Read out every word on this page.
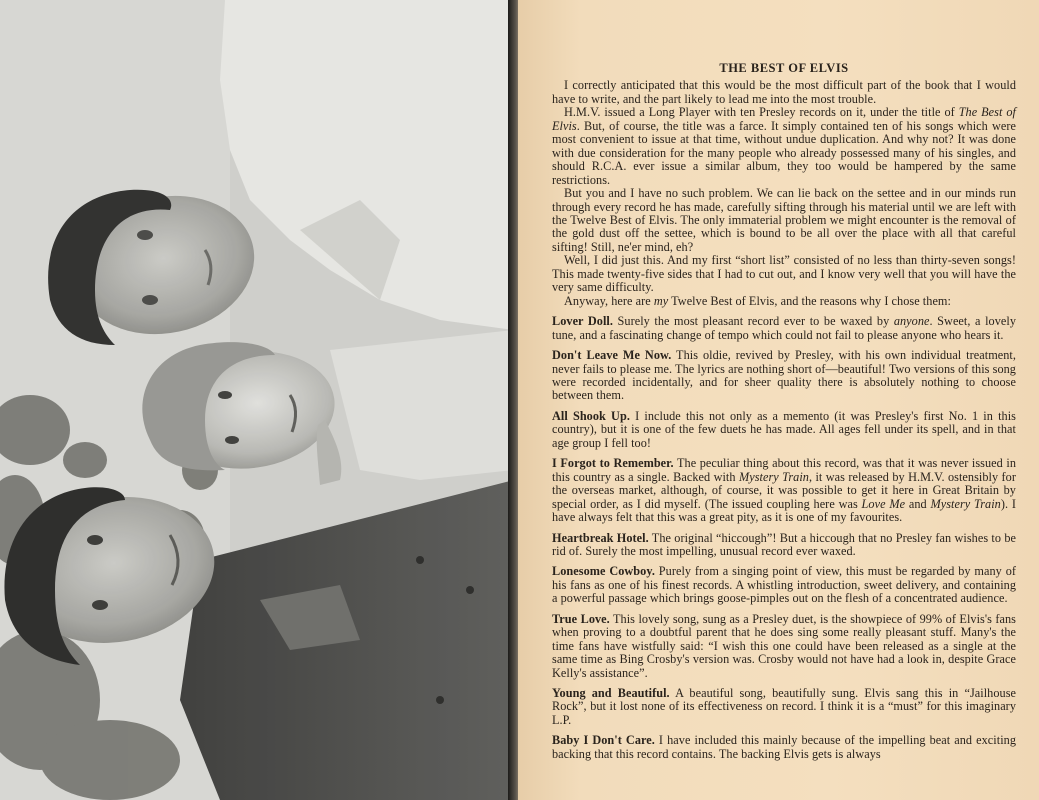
THE BEST OF ELVIS

I correctly anticipated that this would be the most difficult part of the book that I would have to write, and the part likely to lead me into the most trouble.

H.M.V. issued a Long Player with ten Presley records on it, under the title of The Best of Elvis. But, of course, the title was a farce. It simply contained ten of his songs which were most convenient to issue at that time, without undue duplication. And why not? It was done with due consideration for the many people who already possessed many of his singles, and should R.C.A. ever issue a similar album, they too would be hampered by the same restrictions.

But you and I have no such problem. We can lie back on the settee and in our minds run through every record he has made, carefully sifting through his material until we are left with the Twelve Best of Elvis. The only immaterial problem we might encounter is the removal of the gold dust off the settee, which is bound to be all over the place with all that careful sifting! Still, ne'er mind, eh?

Well, I did just this. And my first “short list” consisted of no less than thirty-seven songs! This made twenty-five sides that I had to cut out, and I know very well that you will have the very same difficulty.

Anyway, here are my Twelve Best of Elvis, and the reasons why I chose them:

Lover Doll. Surely the most pleasant record ever to be waxed by anyone. Sweet, a lovely tune, and a fascinating change of tempo which could not fail to please anyone who hears it.

Don't Leave Me Now. This oldie, revived by Presley, with his own individual treatment, never fails to please me. The lyrics are nothing short of—beautiful! Two versions of this song were recorded incidentally, and for sheer quality there is absolutely nothing to choose between them.

All Shook Up. I include this not only as a memento (it was Presley's first No. 1 in this country), but it is one of the few duets he has made. All ages fell under its spell, and in that age group I fell too!

I Forgot to Remember. The peculiar thing about this record, was that it was never issued in this country as a single. Backed with Mystery Train, it was released by H.M.V. ostensibly for the overseas market, although, of course, it was possible to get it here in Great Britain by special order, as I did myself. (The issued coupling here was Love Me and Mystery Train). I have always felt that this was a great pity, as it is one of my favourites.

Heartbreak Hotel. The original “hiccough”! But a hiccough that no Presley fan wishes to be rid of. Surely the most impelling, unusual record ever waxed.

Lonesome Cowboy. Purely from a singing point of view, this must be regarded by many of his fans as one of his finest records. A whistling introduction, sweet delivery, and containing a powerful passage which brings goose-pimples out on the flesh of a concentrated audience.

True Love. This lovely song, sung as a Presley duet, is the showpiece of 99% of Elvis's fans when proving to a doubtful parent that he does sing some really pleasant stuff. Many's the time fans have wistfully said: “I wish this one could have been released as a single at the same time as Bing Crosby's version was. Crosby would not have had a look in, despite Grace Kelly's assistance”.

Young and Beautiful. A beautiful song, beautifully sung. Elvis sang this in “Jailhouse Rock”, but it lost none of its effectiveness on record. I think it is a “must” for this imaginary L.P.

Baby I Don't Care. I have included this mainly because of the impelling beat and exciting backing that this record contains. The backing Elvis gets is always
